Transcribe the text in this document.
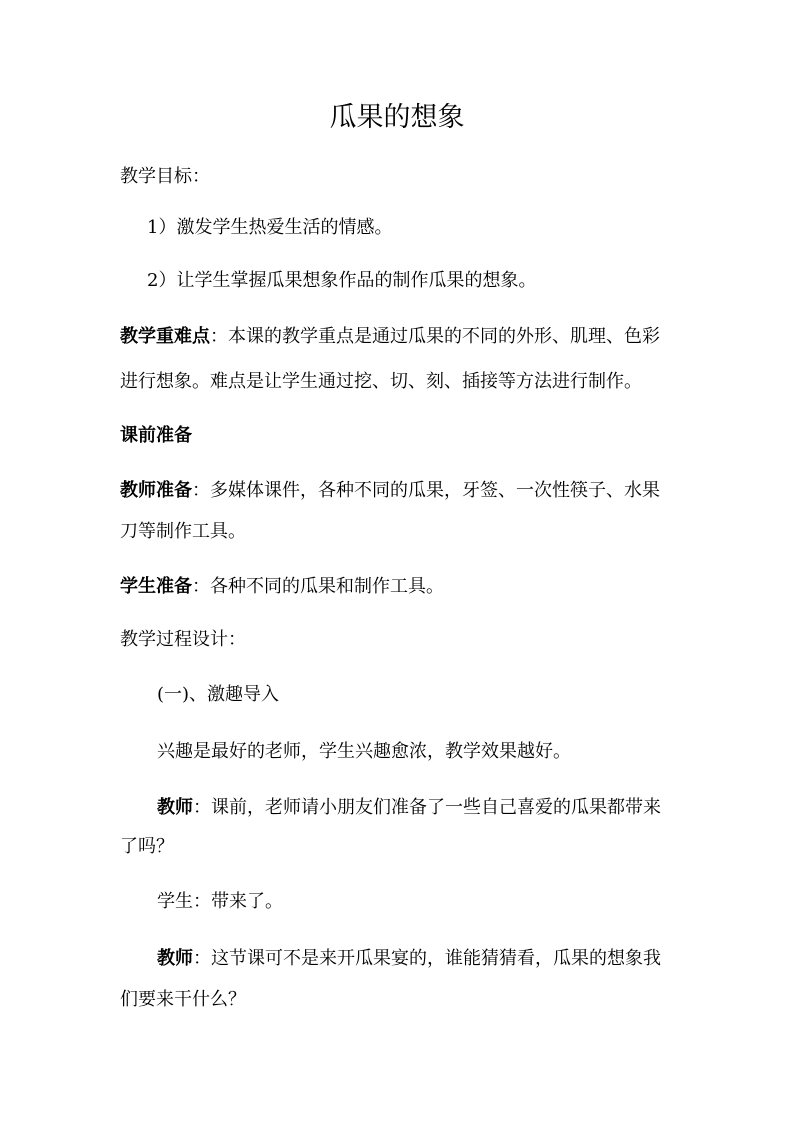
瓜果的想象

教学目标：

1）激发学生热爱生活的情感。

2）让学生掌握瓜果想象作品的制作瓜果的想象。

教学重难点：本课的教学重点是通过瓜果的不同的外形、肌理、色彩

进行想象。难点是让学生通过挖、切、刻、插接等方法进行制作。

课前准备

教师准备：多媒体课件，各种不同的瓜果，牙签、一次性筷子、水果

刀等制作工具。

学生准备：各种不同的瓜果和制作工具。

教学过程设计：

(一)、激趣导入

兴趣是最好的老师，学生兴趣愈浓，教学效果越好。

教师：课前，老师请小朋友们准备了一些自己喜爱的瓜果都带来

了吗？

学生：带来了。

教师：这节课可不是来开瓜果宴的，谁能猜猜看，瓜果的想象我

们要来干什么？
